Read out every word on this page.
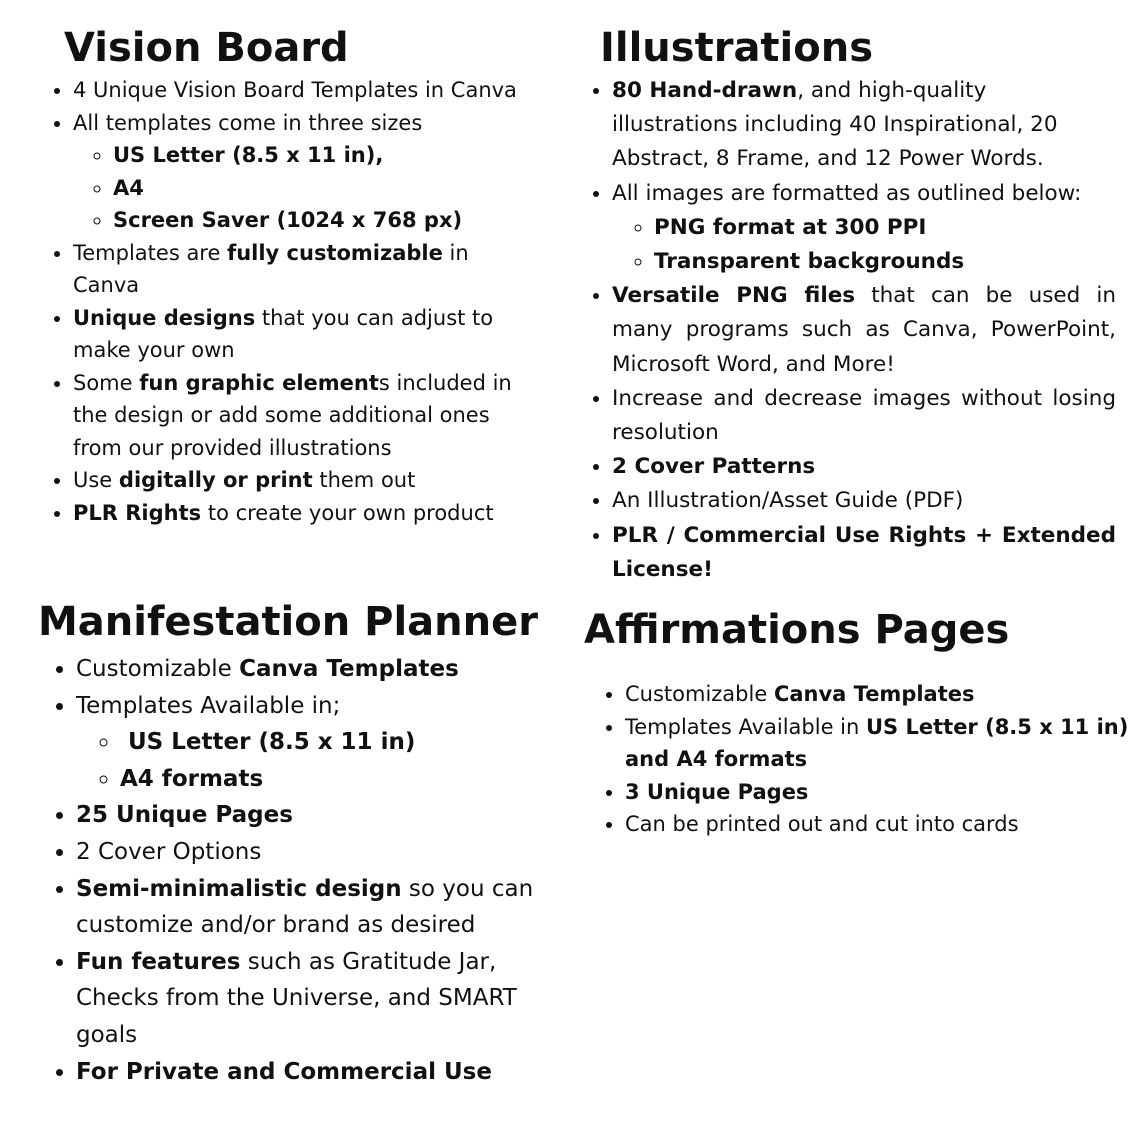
Vision Board
• 4 Unique Vision Board Templates in Canva
• All templates come in three sizes
◦ US Letter (8.5 x 11 in),
◦ A4
◦ Screen Saver (1024 x 768 px)
• Templates are fully customizable in Canva
• Unique designs that you can adjust to make your own
• Some fun graphic elements included in the design or add some additional ones from our provided illustrations
• Use digitally or print them out
• PLR Rights to create your own product
Manifestation Planner
• Customizable Canva Templates
• Templates Available in;
◦  US Letter (8.5 x 11 in)
◦ A4 formats
• 25 Unique Pages
• 2 Cover Options
• Semi-minimalistic design so you can customize and/or brand as desired
• Fun features such as Gratitude Jar, Checks from the Universe, and SMART goals
• For Private and Commercial Use
Illustrations
• 80 Hand-drawn, and high-quality illustrations including 40 Inspirational, 20 Abstract, 8 Frame, and 12 Power Words.
• All images are formatted as outlined below:
◦ PNG format at 300 PPI
◦ Transparent backgrounds
• Versatile PNG files that can be used in many programs such as Canva, PowerPoint, Microsoft Word, and More!
• Increase and decrease images without losing resolution
• 2 Cover Patterns
• An Illustration/Asset Guide (PDF)
• PLR / Commercial Use Rights + Extended License!
Affirmations Pages
• Customizable Canva Templates
• Templates Available in US Letter (8.5 x 11 in) and A4 formats
• 3 Unique Pages
• Can be printed out and cut into cards
